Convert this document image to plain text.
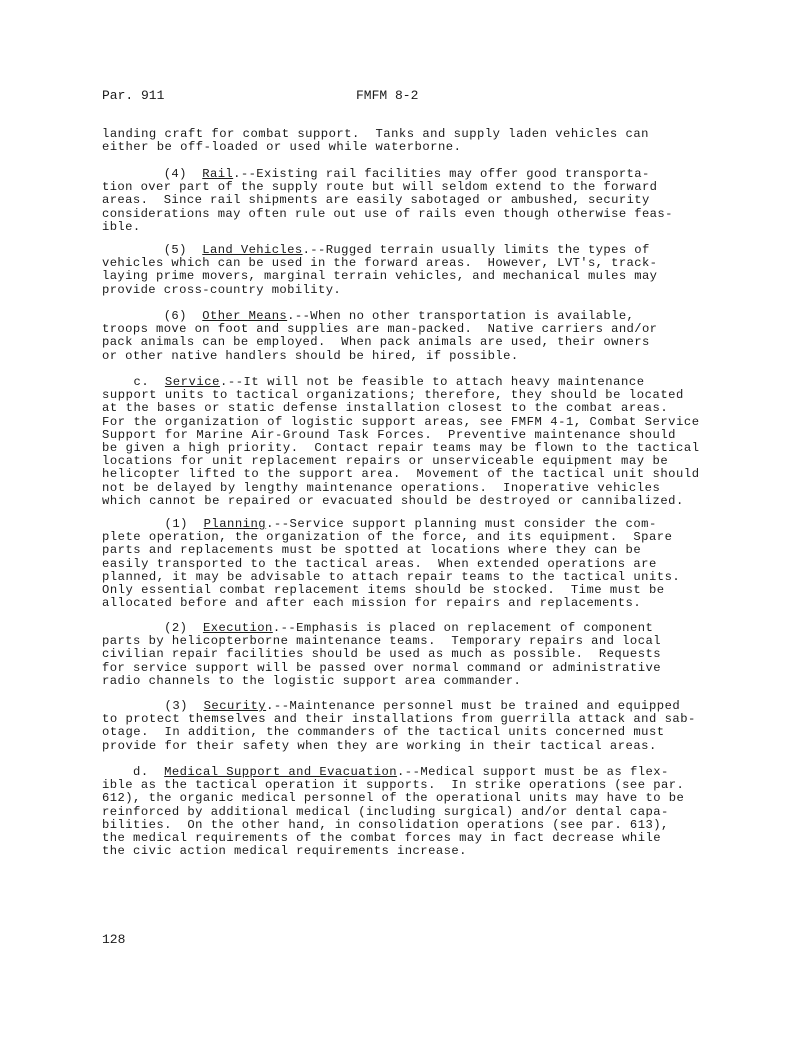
Par. 911	FMFM 8-2
landing craft for combat support.  Tanks and supply laden vehicles can
either be off-loaded or used while waterborne.
(4)  Rail.--Existing rail facilities may offer good transporta-
tion over part of the supply route but will seldom extend to the forward
areas.  Since rail shipments are easily sabotaged or ambushed, security
considerations may often rule out use of rails even though otherwise feas-
ible.
(5)  Land Vehicles.--Rugged terrain usually limits the types of
vehicles which can be used in the forward areas.  However, LVT's, track-
laying prime movers, marginal terrain vehicles, and mechanical mules may
provide cross-country mobility.
(6)  Other Means.--When no other transportation is available,
troops move on foot and supplies are man-packed.  Native carriers and/or
pack animals can be employed.  When pack animals are used, their owners
or other native handlers should be hired, if possible.
c.  Service.--It will not be feasible to attach heavy maintenance
support units to tactical organizations; therefore, they should be located
at the bases or static defense installation closest to the combat areas.
For the organization of logistic support areas, see FMFM 4-1, Combat Service
Support for Marine Air-Ground Task Forces.  Preventive maintenance should
be given a high priority.  Contact repair teams may be flown to the tactical
locations for unit replacement repairs or unserviceable equipment may be
helicopter lifted to the support area.  Movement of the tactical unit should
not be delayed by lengthy maintenance operations.  Inoperative vehicles
which cannot be repaired or evacuated should be destroyed or cannibalized.
(1)  Planning.--Service support planning must consider the com-
plete operation, the organization of the force, and its equipment.  Spare
parts and replacements must be spotted at locations where they can be
easily transported to the tactical areas.  When extended operations are
planned, it may be advisable to attach repair teams to the tactical units.
Only essential combat replacement items should be stocked.  Time must be
allocated before and after each mission for repairs and replacements.
(2)  Execution.--Emphasis is placed on replacement of component
parts by helicopterborne maintenance teams.  Temporary repairs and local
civilian repair facilities should be used as much as possible.  Requests
for service support will be passed over normal command or administrative
radio channels to the logistic support area commander.
(3)  Security.--Maintenance personnel must be trained and equipped
to protect themselves and their installations from guerrilla attack and sab-
otage.  In addition, the commanders of the tactical units concerned must
provide for their safety when they are working in their tactical areas.
d.  Medical Support and Evacuation.--Medical support must be as flex-
ible as the tactical operation it supports.  In strike operations (see par.
612), the organic medical personnel of the operational units may have to be
reinforced by additional medical (including surgical) and/or dental capa-
bilities.  On the other hand, in consolidation operations (see par. 613),
the medical requirements of the combat forces may in fact decrease while
the civic action medical requirements increase.
128
